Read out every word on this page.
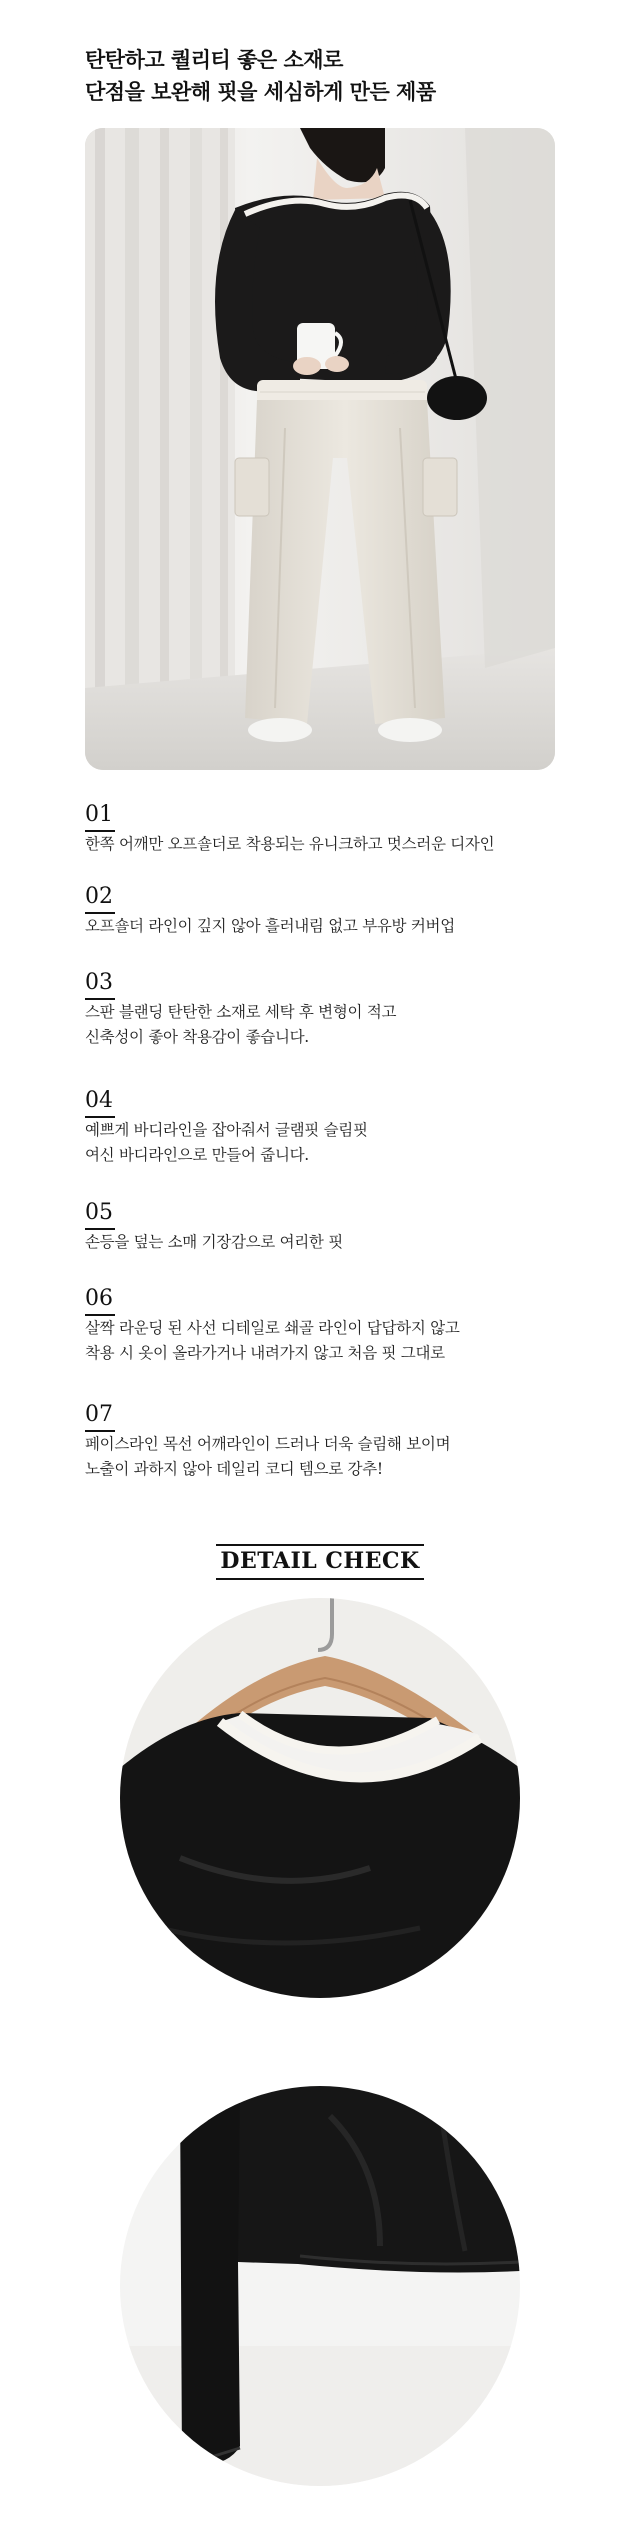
탄탄하고 퀄리티 좋은 소재로
단점을 보완해 핏을 세심하게 만든 제품
01
한쪽 어깨만 오프숄더로 착용되는 유니크하고 멋스러운 디자인
02
오프숄더 라인이 깊지 않아 흘러내림 없고 부유방 커버업
03
스판 블랜딩 탄탄한 소재로 세탁 후 변형이 적고
신축성이 좋아 착용감이 좋습니다.
04
예쁘게 바디라인을 잡아줘서 글램핏 슬림핏
여신 바디라인으로 만들어 줍니다.
05
손등을 덮는 소매 기장감으로 여리한 핏
06
살짝 라운딩 된 사선 디테일로 쇄골 라인이 답답하지 않고
착용 시 옷이 올라가거나 내려가지 않고 처음 핏 그대로
07
페이스라인 목선 어깨라인이 드러나 더욱 슬림해 보이며
노출이 과하지 않아 데일리 코디 템으로 강추!
DETAIL CHECK
